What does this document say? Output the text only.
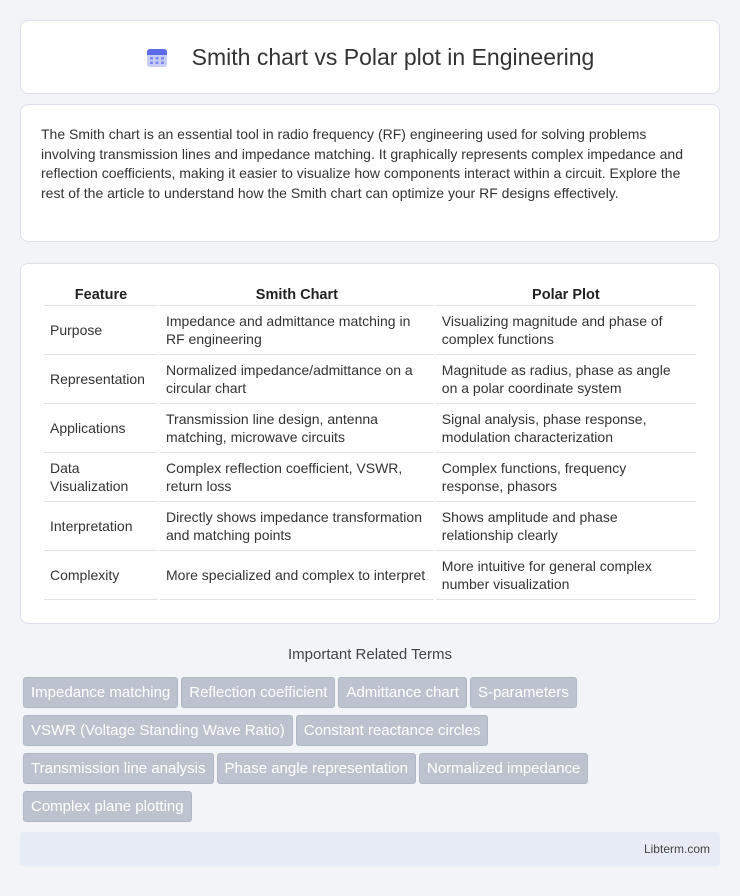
Smith chart vs Polar plot in Engineering

The Smith chart is an essential tool in radio frequency (RF) engineering used for solving problems involving transmission lines and impedance matching. It graphically represents complex impedance and reflection coefficients, making it easier to visualize how components interact within a circuit. Explore the rest of the article to understand how the Smith chart can optimize your RF designs effectively.

Feature	Smith Chart	Polar Plot
Purpose	Impedance and admittance matching in RF engineering	Visualizing magnitude and phase of complex functions
Representation	Normalized impedance/admittance on a circular chart	Magnitude as radius, phase as angle on a polar coordinate system
Applications	Transmission line design, antenna matching, microwave circuits	Signal analysis, phase response, modulation characterization
Data Visualization	Complex reflection coefficient, VSWR, return loss	Complex functions, frequency response, phasors
Interpretation	Directly shows impedance transformation and matching points	Shows amplitude and phase relationship clearly
Complexity	More specialized and complex to interpret	More intuitive for general complex number visualization
Important Related Terms
Impedance matching Reflection coefficient Admittance chart S-parameters
VSWR (Voltage Standing Wave Ratio) Constant reactance circles
Transmission line analysis Phase angle representation Normalized impedance
Complex plane plotting
Libterm.com
